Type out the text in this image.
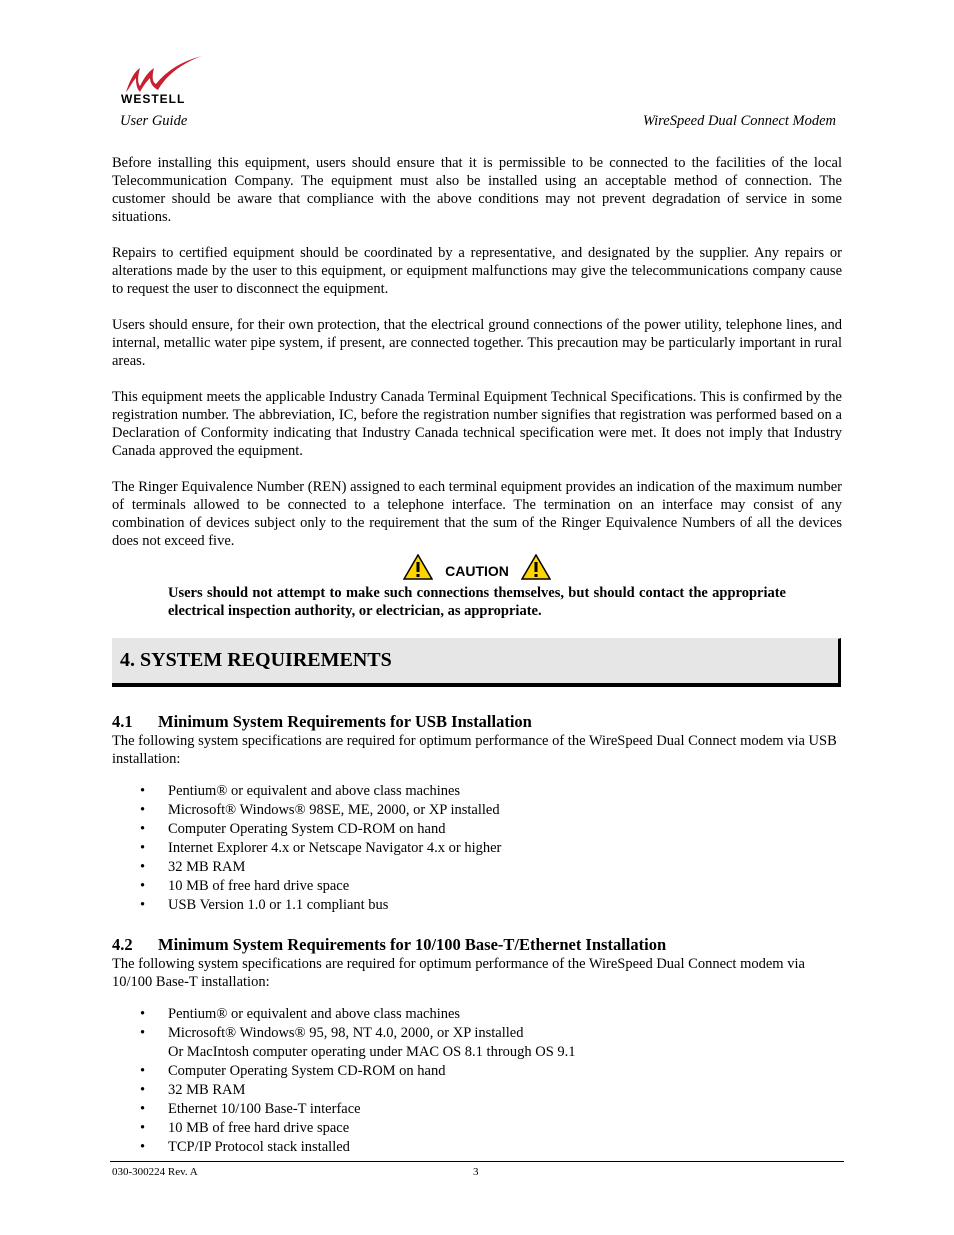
WESTELL
User Guide	WireSpeed Dual Connect Modem

Before installing this equipment, users should ensure that it is permissible to be connected to the facilities of the local Telecommunication Company. The equipment must also be installed using an acceptable method of connection. The customer should be aware that compliance with the above conditions may not prevent degradation of service in some situations.

Repairs to certified equipment should be coordinated by a representative, and designated by the supplier. Any repairs or alterations made by the user to this equipment, or equipment malfunctions may give the telecommunications company cause to request the user to disconnect the equipment.

Users should ensure, for their own protection, that the electrical ground connections of the power utility, telephone lines, and internal, metallic water pipe system, if present, are connected together. This precaution may be particularly important in rural areas.

This equipment meets the applicable Industry Canada Terminal Equipment Technical Specifications. This is confirmed by the registration number. The abbreviation, IC, before the registration number signifies that registration was performed based on a Declaration of Conformity indicating that Industry Canada technical specification were met. It does not imply that Industry Canada approved the equipment.

The Ringer Equivalence Number (REN) assigned to each terminal equipment provides an indication of the maximum number of terminals allowed to be connected to a telephone interface. The termination on an interface may consist of any combination of devices subject only to the requirement that the sum of the Ringer Equivalence Numbers of all the devices does not exceed five.

CAUTION
Users should not attempt to make such connections themselves, but should contact the appropriate electrical inspection authority, or electrician, as appropriate.
4. SYSTEM REQUIREMENTS
4.1 Minimum System Requirements for USB Installation

The following system specifications are required for optimum performance of the WireSpeed Dual Connect modem via USB installation:

• Pentium® or equivalent and above class machines
• Microsoft® Windows® 98SE, ME, 2000, or XP installed
• Computer Operating System CD-ROM on hand
• Internet Explorer 4.x or Netscape Navigator 4.x or higher
• 32 MB RAM
• 10 MB of free hard drive space
• USB Version 1.0 or 1.1 compliant bus
4.2 Minimum System Requirements for 10/100 Base-T/Ethernet Installation

The following system specifications are required for optimum performance of the WireSpeed Dual Connect modem via 10/100 Base-T installation:

• Pentium® or equivalent and above class machines
• Microsoft® Windows® 95, 98, NT 4.0, 2000, or XP installed
Or MacIntosh computer operating under MAC OS 8.1 through OS 9.1
• Computer Operating System CD-ROM on hand
• 32 MB RAM
• Ethernet 10/100 Base-T interface
• 10 MB of free hard drive space
• TCP/IP Protocol stack installed
030-300224 Rev. A	3
